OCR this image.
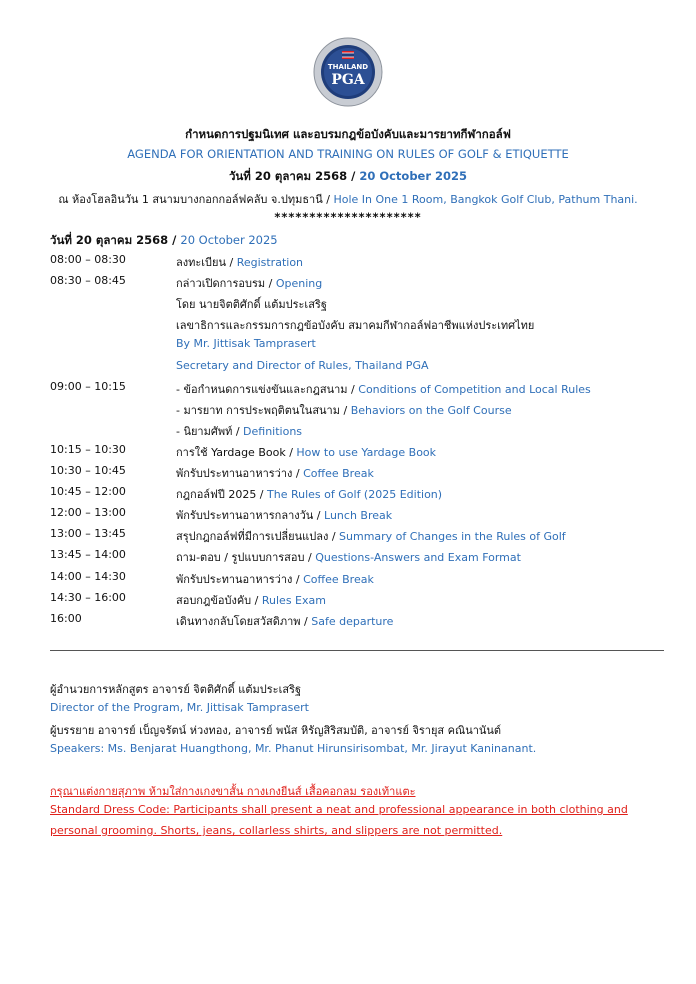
THAILAND
PGA
กำหนดการปฐมนิเทศ และอบรมกฎข้อบังคับและมารยาทกีฬากอล์ฟ
AGENDA FOR ORIENTATION AND TRAINING ON RULES OF GOLF & ETIQUETTE
วันที่ 20 ตุลาคม 2568 / 20 October 2025
ณ ห้องโฮลอินวัน 1 สนามบางกอกกอล์ฟคลับ จ.ปทุมธานี / Hole In One 1 Room, Bangkok Golf Club, Pathum Thani.
*********************
วันที่ 20 ตุลาคม 2568 / 20 October 2025
08:00 – 08:30	ลงทะเบียน / Registration
08:30 – 08:45	กล่าวเปิดการอบรม / Opening
โดย นายจิตติศักดิ์ แต้มประเสริฐ
เลขาธิการและกรรมการกฎข้อบังคับ สมาคมกีฬากอล์ฟอาชีพแห่งประเทศไทย
By Mr. Jittisak Tamprasert
Secretary and Director of Rules, Thailand PGA
09:00 – 10:15	- ข้อกำหนดการแข่งขันและกฎสนาม / Conditions of Competition and Local Rules
- มารยาท การประพฤติตนในสนาม / Behaviors on the Golf Course
- นิยามศัพท์ / Definitions
10:15 – 10:30	การใช้ Yardage Book / How to use Yardage Book
10:30 – 10:45	พักรับประทานอาหารว่าง / Coffee Break
10:45 – 12:00	กฎกอล์ฟปี 2025 / The Rules of Golf (2025 Edition)
12:00 – 13:00	พักรับประทานอาหารกลางวัน / Lunch Break
13:00 – 13:45	สรุปกฎกอล์ฟที่มีการเปลี่ยนแปลง / Summary of Changes in the Rules of Golf
13:45 – 14:00	ถาม-ตอบ / รูปแบบการสอบ / Questions-Answers and Exam Format
14:00 – 14:30	พักรับประทานอาหารว่าง / Coffee Break
14:30 – 16:00	สอบกฎข้อบังคับ / Rules Exam
16:00	เดินทางกลับโดยสวัสดิภาพ / Safe departure
ผู้อำนวยการหลักสูตร อาจารย์ จิตติศักดิ์ แต้มประเสริฐ
Director of the Program, Mr. Jittisak Tamprasert
ผู้บรรยาย อาจารย์ เบ็ญจรัตน์ ห่วงทอง, อาจารย์ พนัส หิรัญสิริสมบัติ, อาจารย์ จิรายุส คณินานันต์
Speakers: Ms. Benjarat Huangthong, Mr. Phanut Hirunsirisombat, Mr. Jirayut Kaninanant.
กรุณาแต่งกายสุภาพ ห้ามใส่กางเกงขาสั้น กางเกงยีนส์ เสื้อคอกลม รองเท้าแตะ
Standard Dress Code: Participants shall present a neat and professional appearance in both clothing and
personal grooming. Shorts, jeans, collarless shirts, and slippers are not permitted.
